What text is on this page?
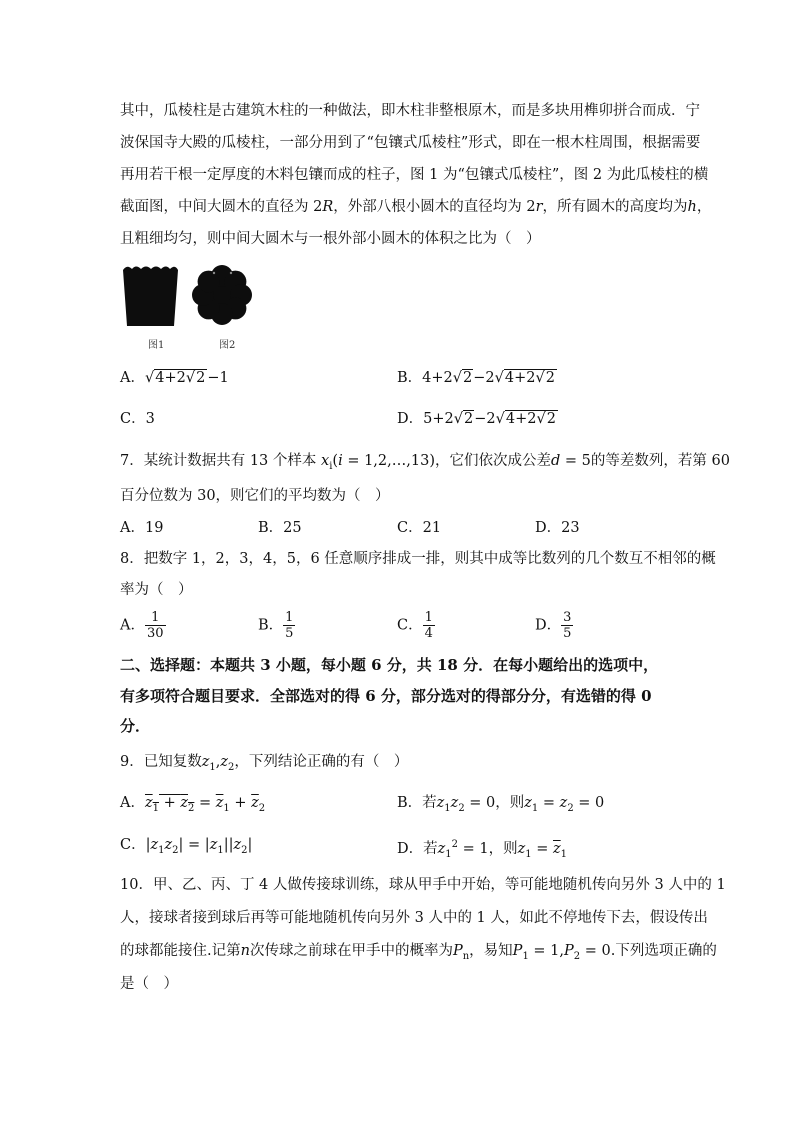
其中，瓜棱柱是古建筑木柱的一种做法，即木柱非整根原木，而是多块用榫卯拼合而成．宁
波保国寺大殿的瓜棱柱，一部分用到了“包镶式瓜棱柱”形式，即在一根木柱周围，根据需要
再用若干根一定厚度的木料包镶而成的柱子，图 1 为“包镶式瓜棱柱”，图 2 为此瓜棱柱的横
截面图，中间大圆木的直径为 2R，外部八根小圆木的直径均为 2r，所有圆木的高度均为h，
且粗细均匀，则中间大圆木与一根外部小圆木的体积之比为（　）
图1	图2
A．√4+2√2 −1	B．4+2√2−2√4+2√2
C．3	D．5+2√2−2√4+2√2
7．某统计数据共有 13 个样本 $x_i(i$ = 1,2,…,13)，它们依次成公差d = 5的等差数列，若第 60
百分位数为 30，则它们的平均数为（　）
A．19	B．25	C．21	D．23
8．把数字 1，2，3，4，5，6 任意顺序排成一排，则其中成等比数列的几个数互不相邻的概
率为（　）
A． $\frac{1}{30}$	B． $\frac{1}{5}$	C． $\frac{1}{4}$	D． $\frac{3}{5}$
二、选择题：本题共 3 小题，每小题 6 分，共 18 分．在每小题给出的选项中，
有多项符合题目要求．全部选对的得 6 分，部分选对的得部分分，有选错的得 0
分．
9．已知复数$z_1,z_2$，下列结论正确的有（　）
A．$z_1 + z_2 = \overline{z}_1 + \overline{z}_2$	B．若$z_1z_2 = 0$，则$z_1 = z_2 = 0$
C．$|z_1z_2| = |z_1||z_2|$	D．若$z_1^2 = 1$，则$z_1 = \overline{z}_1$
10．甲、乙、丙、丁 4 人做传接球训练，球从甲手中开始，等可能地随机传向另外 3 人中的 1
人，接球者接到球后再等可能地随机传向另外 3 人中的 1 人，如此不停地传下去，假设传出
的球都能接住.记第n次传球之前球在甲手中的概率为$P_n$，易知$P_1 = 1,P_2 = 0$.下列选项正确的
是（　）
